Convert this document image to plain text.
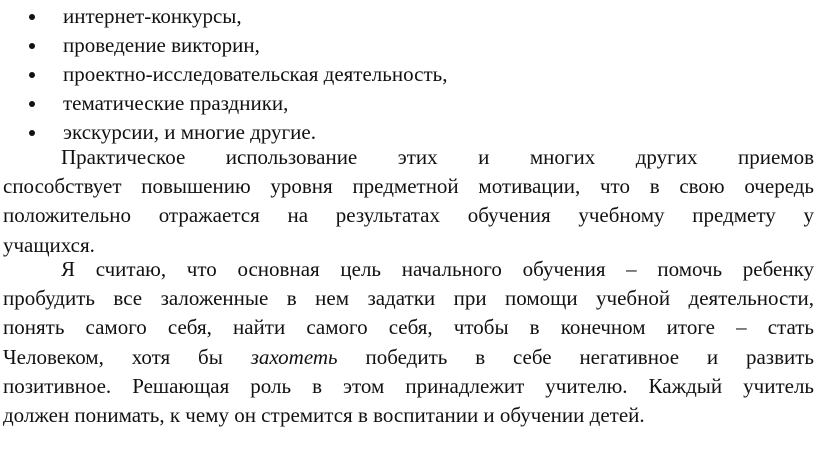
интернет-конкурсы,
проведение викторин,
проектно-исследовательская деятельность,
тематические праздники,
экскурсии, и многие другие.
Практическое использование этих и многих других приемов
способствует повышению уровня предметной мотивации, что в свою очередь
положительно отражается на результатах обучения учебному предмету у
учащихся.
Я считаю, что основная цель начального обучения – помочь ребенку
пробудить все заложенные в нем задатки при помощи учебной деятельности,
понять самого себя, найти самого себя, чтобы в конечном итоге – стать
Человеком, хотя бы захотеть победить в себе негативное и развить
позитивное. Решающая роль в этом принадлежит учителю. Каждый учитель
должен понимать, к чему он стремится в воспитании и обучении детей.
